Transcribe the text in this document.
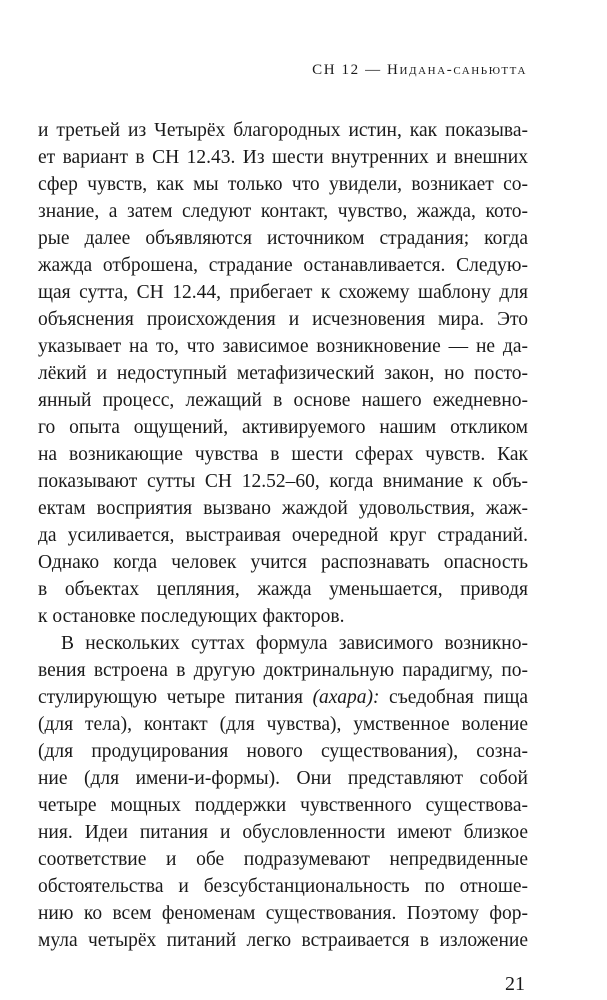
СН 12 — Нидана-саньютта
и третьей из Четырёх благородных истин, как показыва-
ет вариант в СН 12.43. Из шести внутренних и внешних
сфер чувств, как мы только что увидели, возникает со-
знание, а затем следуют контакт, чувство, жажда, кото-
рые далее объявляются источником страдания; когда
жажда отброшена, страдание останавливается. Следую-
щая сутта, СН 12.44, прибегает к схожему шаблону для
объяснения происхождения и исчезновения мира. Это
указывает на то, что зависимое возникновение — не да-
лёкий и недоступный метафизический закон, но посто-
янный процесс, лежащий в основе нашего ежедневно-
го опыта ощущений, активируемого нашим откликом
на возникающие чувства в шести сферах чувств. Как
показывают сутты СН 12.52–60, когда внимание к объ-
ектам восприятия вызвано жаждой удовольствия, жаж-
да усиливается, выстраивая очередной круг страданий.
Однако когда человек учится распознавать опасность
в объектах цепляния, жажда уменьшается, приводя
к остановке последующих факторов.
В нескольких суттах формула зависимого возникно-
вения встроена в другую доктринальную парадигму, по-
стулирующую четыре питания (ахара): съедобная пища
(для тела), контакт (для чувства), умственное воление
(для продуцирования нового существования), созна-
ние (для имени-и-формы). Они представляют собой
четыре мощных поддержки чувственного существова-
ния. Идеи питания и обусловленности имеют близкое
соответствие и обе подразумевают непредвиденные
обстоятельства и безсубстанциональность по отноше-
нию ко всем феноменам существования. Поэтому фор-
мула четырёх питаний легко встраивается в изложение
21
